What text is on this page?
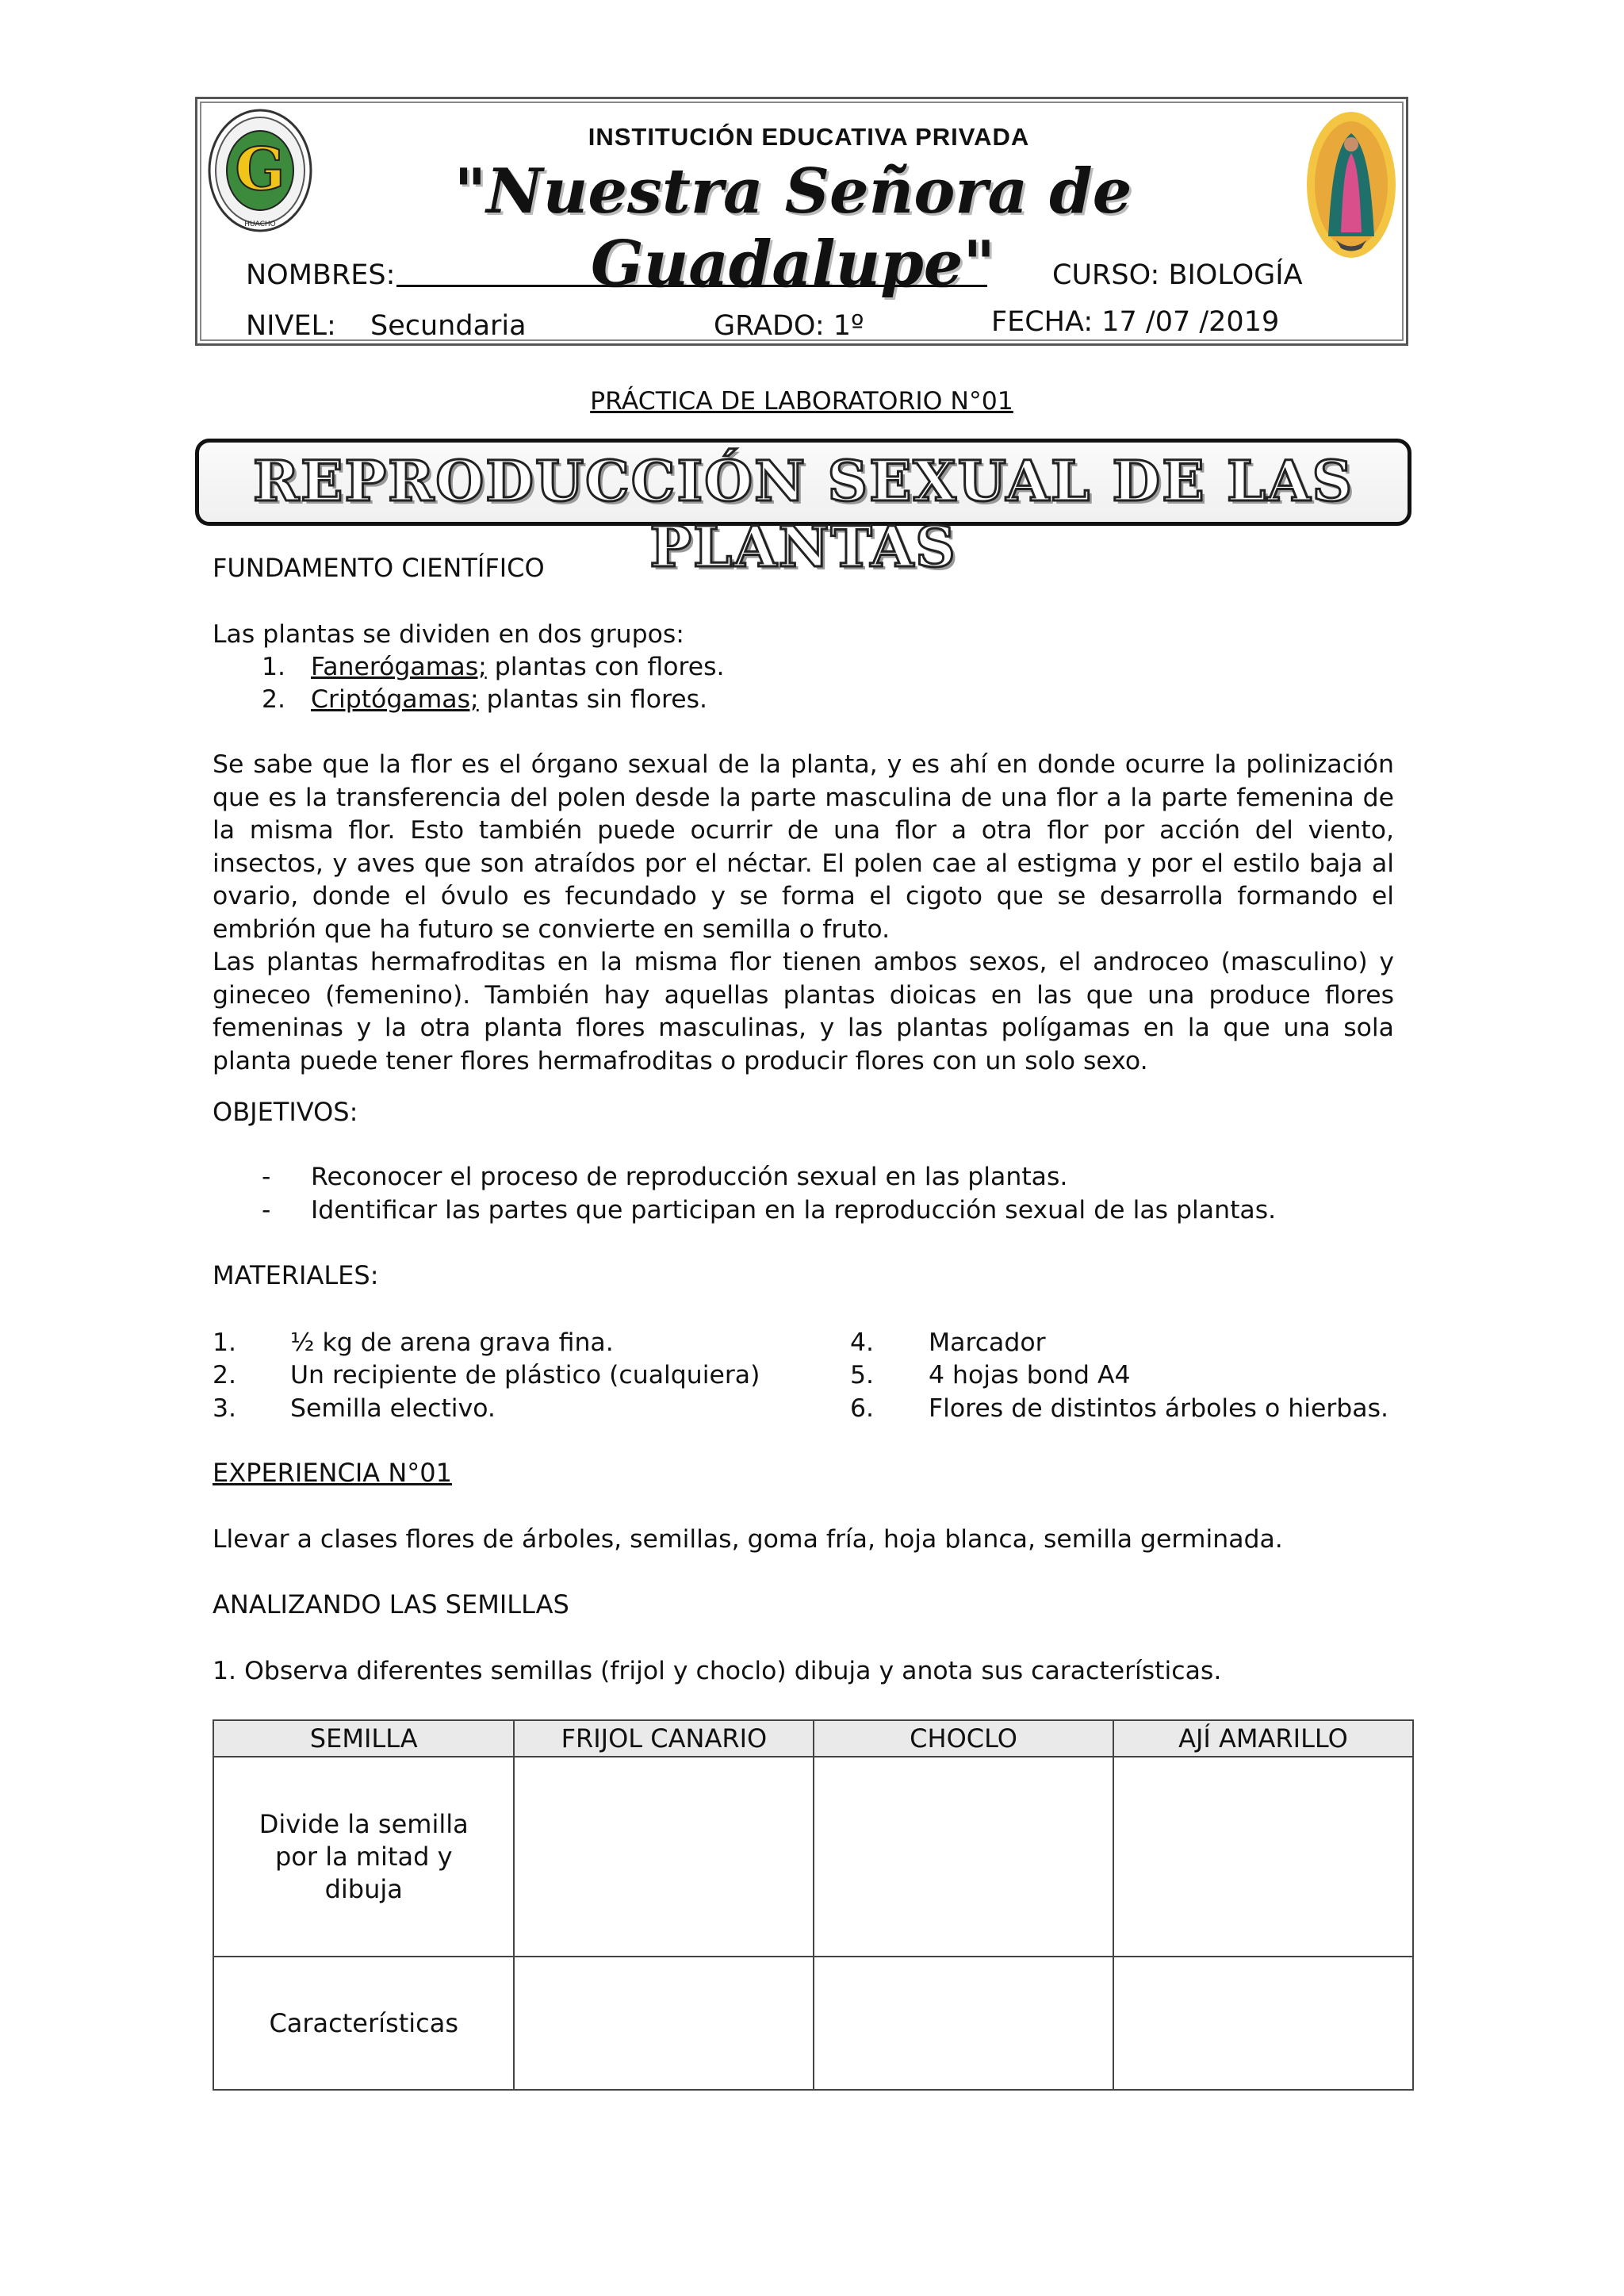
G
HUACHO
INSTITUCIÓN EDUCATIVA PRIVADA
"Nuestra Señora de Guadalupe"
NOMBRES:	CURSO: BIOLOGÍA
NIVEL: Secundaria	GRADO: 1º	FECHA: 17 /07 /2019
PRÁCTICA DE LABORATORIO N°01
REPRODUCCIÓN SEXUAL DE LAS PLANTAS
FUNDAMENTO CIENTÍFICO
Las plantas se dividen en dos grupos:
1. Fanerógamas; plantas con flores.
2. Criptógamas; plantas sin flores.
Se sabe que la flor es el órgano sexual de la planta, y es ahí en donde ocurre la polinización que es la transferencia del polen desde la parte masculina de una flor a la parte femenina de la misma flor. Esto también puede ocurrir de una flor a otra flor por acción del viento, insectos, y aves que son atraídos por el néctar. El polen cae al estigma y por el estilo baja al ovario, donde el óvulo es fecundado y se forma el cigoto que se desarrolla formando el embrión que ha futuro se convierte en semilla o fruto.
Las plantas hermafroditas en la misma flor tienen ambos sexos, el androceo (masculino) y gineceo (femenino). También hay aquellas plantas dioicas en las que una produce flores femeninas y la otra planta flores masculinas, y las plantas polígamas en la que una sola planta puede tener flores hermafroditas o producir flores con un solo sexo.
OBJETIVOS:
- Reconocer el proceso de reproducción sexual en las plantas.
- Identificar las partes que participan en la reproducción sexual de las plantas.
MATERIALES:
1. ½ kg de arena grava fina.
2. Un recipiente de plástico (cualquiera)
3. Semilla electivo.
4. Marcador
5. 4 hojas bond A4
6. Flores de distintos árboles o hierbas.
EXPERIENCIA N°01
Llevar a clases flores de árboles, semillas, goma fría, hoja blanca, semilla germinada.
ANALIZANDO LAS SEMILLAS
1. Observa diferentes semillas (frijol y choclo) dibuja y anota sus características.
SEMILLA	FRIJOL CANARIO	CHOCLO	AJÍ AMARILLO
Divide la semilla por la mitad y dibuja			
Características			
